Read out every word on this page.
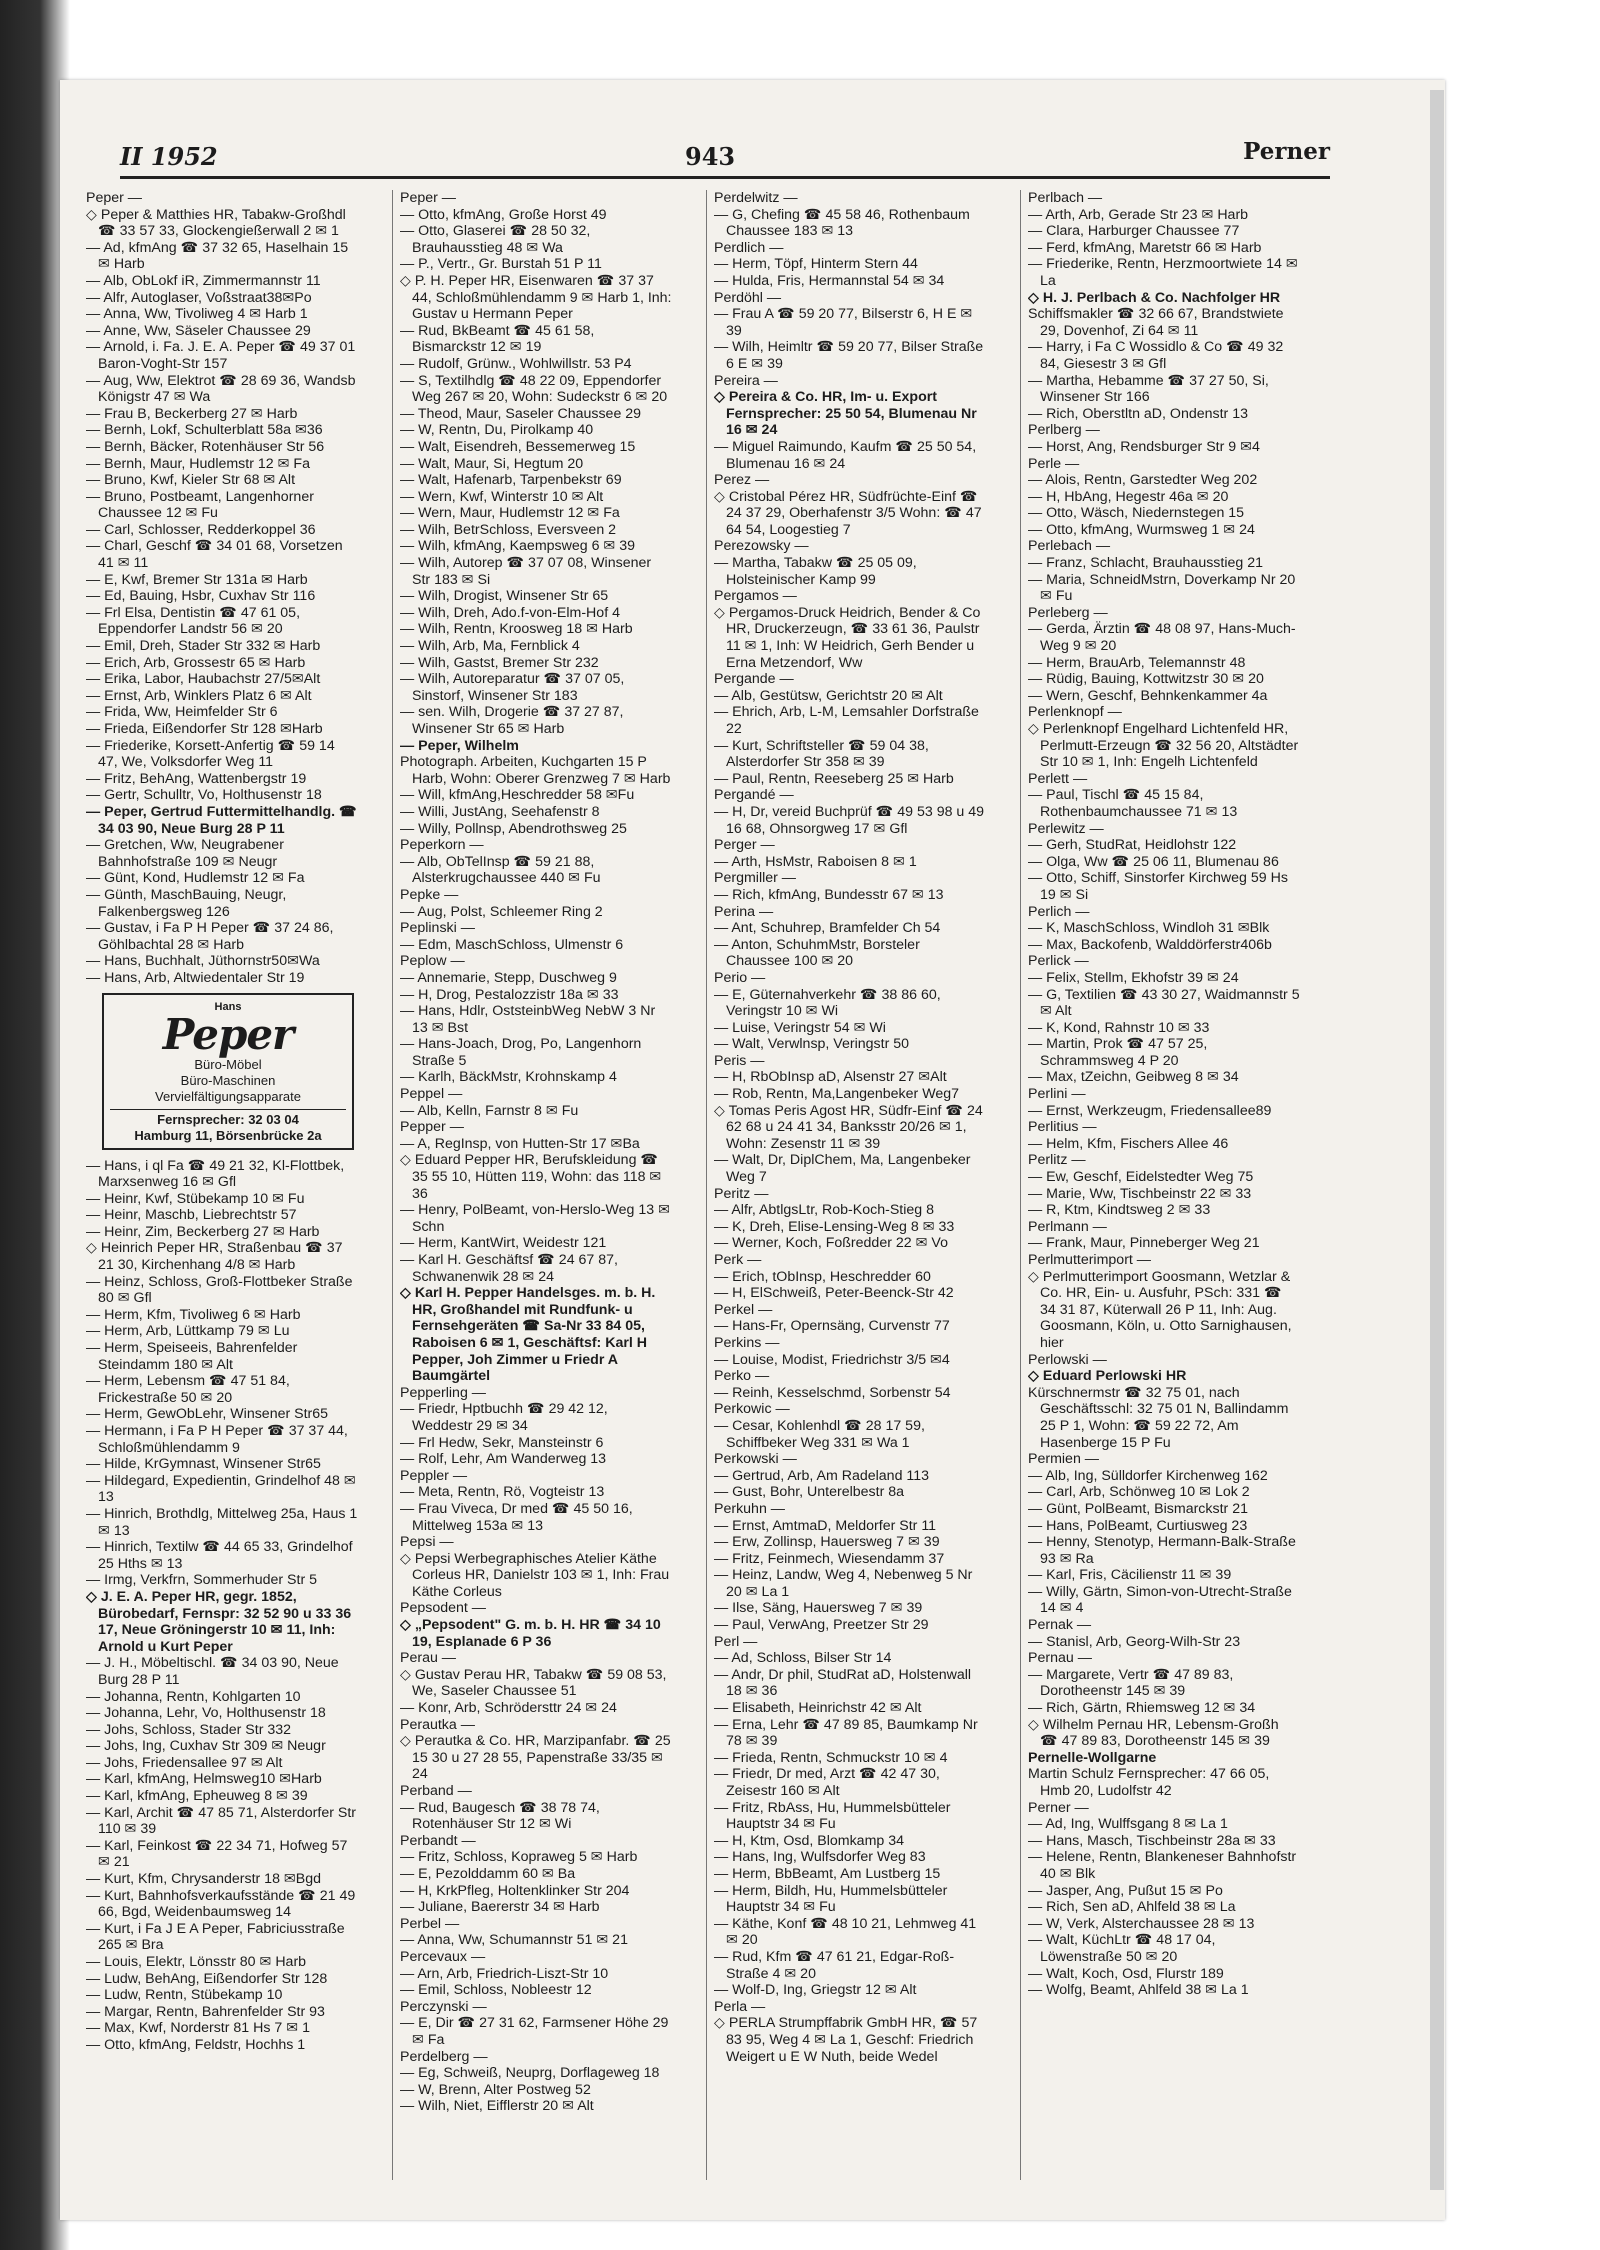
II 1952	943	Perner

Peper —

◇ Peper & Matthies HR, Tabakw-Großhdl ☎ 33 57 33, Glockengießerwall 2 ✉ 1

— Ad, kfmAng ☎ 37 32 65, Haselhain 15 ✉ Harb

— Alb, ObLokf iR, Zimmermannstr 11

— Alfr, Autoglaser, Voßstraat38✉Po

— Anna, Ww, Tivoliweg 4 ✉ Harb 1

— Anne, Ww, Säseler Chaussee 29

— Arnold, i. Fa. J. E. A. Peper ☎ 49 37 01 Baron-Voght-Str 157

— Aug, Ww, Elektrot ☎ 28 69 36, Wandsb Königstr 47 ✉ Wa

— Frau B, Beckerberg 27 ✉ Harb

— Bernh, Lokf, Schulterblatt 58a ✉36

— Bernh, Bäcker, Rotenhäuser Str 56

— Bernh, Maur, Hudlemstr 12 ✉ Fa

— Bruno, Kwf, Kieler Str 68 ✉ Alt

— Bruno, Postbeamt, Langenhorner Chaussee 12 ✉ Fu

— Carl, Schlosser, Redderkoppel 36

— Charl, Geschf ☎ 34 01 68, Vorsetzen 41 ✉ 11

— E, Kwf, Bremer Str 131a ✉ Harb

— Ed, Bauing, Hsbr, Cuxhav Str 116

— Frl Elsa, Dentistin ☎ 47 61 05, Eppendorfer Landstr 56 ✉ 20

— Emil, Dreh, Stader Str 332 ✉ Harb

— Erich, Arb, Grossestr 65 ✉ Harb

— Erika, Labor, Haubachstr 27/5✉Alt

— Ernst, Arb, Winklers Platz 6 ✉ Alt

— Frida, Ww, Heimfelder Str 6

— Frieda, Eißendorfer Str 128 ✉Harb

— Friederike, Korsett-Anfertig ☎ 59 14 47, We, Volksdorfer Weg 11

— Fritz, BehAng, Wattenbergstr 19

— Gertr, Schulltr, Vo, Holthusenstr 18

— Peper, Gertrud Futtermittelhandlg. ☎ 34 03 90, Neue Burg 28 P 11

— Gretchen, Ww, Neugrabener Bahnhofstraße 109 ✉ Neugr

— Günt, Kond, Hudlemstr 12 ✉ Fa

— Günth, MaschBauing, Neugr, Falkenbergsweg 126

— Gustav, i Fa P H Peper ☎ 37 24 86, Göhlbachtal 28 ✉ Harb

— Hans, Buchhalt, Jüthornstr50✉Wa

— Hans, Arb, Altwiedentaler Str 19

Hans
Peper
Büro-Möbel
Büro-Maschinen
Vervielfältigungsapparate
Fernsprecher: 32 03 04
Hamburg 11, Börsenbrücke 2a

— Hans, i ql Fa ☎ 49 21 32, Kl-Flottbek, Marxsenweg 16 ✉ Gfl

— Heinr, Kwf, Stübekamp 10 ✉ Fu

— Heinr, Maschb, Liebrechtstr 57

— Heinr, Zim, Beckerberg 27 ✉ Harb

◇ Heinrich Peper HR, Straßenbau ☎ 37 21 30, Kirchenhang 4/8 ✉ Harb

— Heinz, Schloss, Groß-Flottbeker Straße 80 ✉ Gfl

— Herm, Kfm, Tivoliweg 6 ✉ Harb

— Herm, Arb, Lüttkamp 79 ✉ Lu

— Herm, Speiseeis, Bahrenfelder Steindamm 180 ✉ Alt

— Herm, Lebensm ☎ 47 51 84, Frickestraße 50 ✉ 20

— Herm, GewObLehr, Winsener Str65

— Hermann, i Fa P H Peper ☎ 37 37 44, Schloßmühlendamm 9

— Hilde, KrGymnast, Winsener Str65

— Hildegard, Expedientin, Grindelhof 48 ✉ 13

— Hinrich, Brothdlg, Mittelweg 25a, Haus 1 ✉ 13

— Hinrich, Textilw ☎ 44 65 33, Grindelhof 25 Hths ✉ 13

— Irmg, Verkfrn, Sommerhuder Str 5

◇ J. E. A. Peper HR, gegr. 1852, Bürobedarf, Fernspr: 32 52 90 u 33 36 17, Neue Gröningerstr 10 ✉ 11, Inh: Arnold u Kurt Peper

— J. H., Möbeltischl. ☎ 34 03 90, Neue Burg 28 P 11

— Johanna, Rentn, Kohlgarten 10

— Johanna, Lehr, Vo, Holthusenstr 18

— Johs, Schloss, Stader Str 332

— Johs, Ing, Cuxhav Str 309 ✉ Neugr

— Johs, Friedensallee 97 ✉ Alt

— Karl, kfmAng, Helmsweg10 ✉Harb

— Karl, kfmAng, Epheuweg 8 ✉ 39

— Karl, Archit ☎ 47 85 71, Alsterdorfer Str 110 ✉ 39

— Karl, Feinkost ☎ 22 34 71, Hofweg 57 ✉ 21

— Kurt, Kfm, Chrysanderstr 18 ✉Bgd

— Kurt, Bahnhofsverkaufsstände ☎ 21 49 66, Bgd, Weidenbaumsweg 14

— Kurt, i Fa J E A Peper, Fabriciusstraße 265 ✉ Bra

— Louis, Elektr, Lönsstr 80 ✉ Harb

— Ludw, BehAng, Eißendorfer Str 128

— Ludw, Rentn, Stübekamp 10

— Margar, Rentn, Bahrenfelder Str 93

— Max, Kwf, Norderstr 81 Hs 7 ✉ 1

— Otto, kfmAng, Feldstr, Hochhs 1

Peper —

— Otto, kfmAng, Große Horst 49

— Otto, Glaserei ☎ 28 50 32, Brauhausstieg 48 ✉ Wa

— P., Vertr., Gr. Burstah 51 P 11

◇ P. H. Peper HR, Eisenwaren ☎ 37 37 44, Schloßmühlendamm 9 ✉ Harb 1, Inh: Gustav u Hermann Peper

— Rud, BkBeamt ☎ 45 61 58, Bismarckstr 12 ✉ 19

— Rudolf, Grünw., Wohlwillstr. 53 P4

— S, Textilhdlg ☎ 48 22 09, Eppendorfer Weg 267 ✉ 20, Wohn: Sudeckstr 6 ✉ 20

— Theod, Maur, Saseler Chaussee 29

— W, Rentn, Du, Pirolkamp 40

— Walt, Eisendreh, Bessemerweg 15

— Walt, Maur, Si, Hegtum 20

— Walt, Hafenarb, Tarpenbekstr 69

— Wern, Kwf, Winterstr 10 ✉ Alt

— Wern, Maur, Hudlemstr 12 ✉ Fa

— Wilh, BetrSchloss, Eversveen 2

— Wilh, kfmAng, Kaempsweg 6 ✉ 39

— Wilh, Autorep ☎ 37 07 08, Winsener Str 183 ✉ Si

— Wilh, Drogist, Winsener Str 65

— Wilh, Dreh, Ado.f-von-Elm-Hof 4

— Wilh, Rentn, Kroosweg 18 ✉ Harb

— Wilh, Arb, Ma, Fernblick 4

— Wilh, Gastst, Bremer Str 232

— Wilh, Autoreparatur ☎ 37 07 05, Sinstorf, Winsener Str 183

— sen. Wilh, Drogerie ☎ 37 27 87, Winsener Str 65 ✉ Harb

— Peper, Wilhelm

Photograph. Arbeiten, Kuchgarten 15 P Harb, Wohn: Oberer Grenzweg 7 ✉ Harb

— Will, kfmAng,Heschredder 58 ✉Fu

— Willi, JustAng, Seehafenstr 8

— Willy, Pollnsp, Abendrothsweg 25

Peperkorn —

— Alb, ObTelInsp ☎ 59 21 88, Alsterkrugchaussee 440 ✉ Fu

Pepke —

— Aug, Polst, Schleemer Ring 2

Peplinski —

— Edm, MaschSchloss, Ulmenstr 6

Peplow —

— Annemarie, Stepp, Duschweg 9

— H, Drog, Pestalozzistr 18a ✉ 33

— Hans, Hdlr, OststeinbWeg NebW 3 Nr 13 ✉ Bst

— Hans-Joach, Drog, Po, Langenhorn Straße 5

— Karlh, BäckMstr, Krohnskamp 4

Peppel —

— Alb, Kelln, Farnstr 8 ✉ Fu

Pepper —

— A, RegInsp, von Hutten-Str 17 ✉Ba

◇ Eduard Pepper HR, Berufskleidung ☎ 35 55 10, Hütten 119, Wohn: das 118 ✉ 36

— Henry, PolBeamt, von-Herslo-Weg 13 ✉ Schn

— Herm, KantWirt, Weidestr 121

— Karl H. Geschäftsf ☎ 24 67 87, Schwanenwik 28 ✉ 24

◇ Karl H. Pepper Handelsges. m. b. H. HR, Großhandel mit Rundfunk- u Fernsehgeräten ☎ Sa-Nr 33 84 05, Raboisen 6 ✉ 1, Geschäftsf: Karl H Pepper, Joh Zimmer u Friedr A Baumgärtel

Pepperling —

— Friedr, Hptbuchh ☎ 29 42 12, Weddestr 29 ✉ 34

— Frl Hedw, Sekr, Mansteinstr 6

— Rolf, Lehr, Am Wanderweg 13

Peppler —

— Meta, Rentn, Rö, Vogteistr 13

— Frau Viveca, Dr med ☎ 45 50 16, Mittelweg 153a ✉ 13

Pepsi —

◇ Pepsi Werbegraphisches Atelier Käthe Corleus HR, Danielstr 103 ✉ 1, Inh: Frau Käthe Corleus

Pepsodent —

◇ „Pepsodent" G. m. b. H. HR ☎ 34 10 19, Esplanade 6 P 36

Perau —

◇ Gustav Perau HR, Tabakw ☎ 59 08 53, We, Saseler Chaussee 51

— Konr, Arb, Schrödersttr 24 ✉ 24

Perautka —

◇ Perautka & Co. HR, Marzipanfabr. ☎ 25 15 30 u 27 28 55, Papenstraße 33/35 ✉ 24

Perband —

— Rud, Baugesch ☎ 38 78 74, Rotenhäuser Str 12 ✉ Wi

Perbandt —

— Fritz, Schloss, Kopraweg 5 ✉ Harb

— E, Pezolddamm 60 ✉ Ba

— H, KrkPfleg, Holtenklinker Str 204

— Juliane, Baererstr 34 ✉ Harb

Perbel —

— Anna, Ww, Schumannstr 51 ✉ 21

Percevaux —

— Arn, Arb, Friedrich-Liszt-Str 10

— Emil, Schloss, Nobleestr 12

Perczynski —

— E, Dir ☎ 27 31 62, Farmsener Höhe 29 ✉ Fa

Perdelberg —

— Eg, Schweiß, Neuprg, Dorflageweg 18

— W, Brenn, Alter Postweg 52

— Wilh, Niet, Eifflerstr 20 ✉ Alt

Perdelwitz —

— G, Chefing ☎ 45 58 46, Rothenbaum Chaussee 183 ✉ 13

Perdlich —

— Herm, Töpf, Hinterm Stern 44

— Hulda, Fris, Hermannstal 54 ✉ 34

Perdöhl —

— Frau A ☎ 59 20 77, Bilserstr 6, H E ✉ 39

— Wilh, Heimltr ☎ 59 20 77, Bilser Straße 6 E ✉ 39

Pereira —

◇ Pereira & Co. HR, Im- u. Export Fernsprecher: 25 50 54, Blumenau Nr 16 ✉ 24

— Miguel Raimundo, Kaufm ☎ 25 50 54, Blumenau 16 ✉ 24

Perez —

◇ Cristobal Pérez HR, Südfrüchte-Einf ☎ 24 37 29, Oberhafenstr 3/5 Wohn: ☎ 47 64 54, Loogestieg 7

Perezowsky —

— Martha, Tabakw ☎ 25 05 09, Holsteinischer Kamp 99

Pergamos —

◇ Pergamos-Druck Heidrich, Bender & Co HR, Druckerzeugn, ☎ 33 61 36, Paulstr 11 ✉ 1, Inh: W Heidrich, Gerh Bender u Erna Metzendorf, Ww

Pergande —

— Alb, Gestütsw, Gerichtstr 20 ✉ Alt

— Ehrich, Arb, L-M, Lemsahler Dorfstraße 22

— Kurt, Schriftsteller ☎ 59 04 38, Alsterdorfer Str 358 ✉ 39

— Paul, Rentn, Reeseberg 25 ✉ Harb

Pergandé —

— H, Dr, vereid Buchprüf ☎ 49 53 98 u 49 16 68, Ohnsorgweg 17 ✉ Gfl

Perger —

— Arth, HsMstr, Raboisen 8 ✉ 1

Pergmiller —

— Rich, kfmAng, Bundesstr 67 ✉ 13

Perina —

— Ant, Schuhrep, Bramfelder Ch 54

— Anton, SchuhmMstr, Borsteler Chaussee 100 ✉ 20

Perio —

— E, Güternahverkehr ☎ 38 86 60, Veringstr 10 ✉ Wi

— Luise, Veringstr 54 ✉ Wi

— Walt, Verwlnsp, Veringstr 50

Peris —

— H, RbObInsp aD, Alsenstr 27 ✉Alt

— Rob, Rentn, Ma,Langenbeker Weg7

◇ Tomas Peris Agost HR, Südfr-Einf ☎ 24 62 68 u 24 41 34, Banksstr 20/26 ✉ 1, Wohn: Zesenstr 11 ✉ 39

— Walt, Dr, DiplChem, Ma, Langenbeker Weg 7

Peritz —

— Alfr, AbtlgsLtr, Rob-Koch-Stieg 8

— K, Dreh, Elise-Lensing-Weg 8 ✉ 33

— Werner, Koch, Foßredder 22 ✉ Vo

Perk —

— Erich, tObInsp, Heschredder 60

— H, ElSchweiß, Peter-Beenck-Str 42

Perkel —

— Hans-Fr, Opernsäng, Curvenstr 77

Perkins —

— Louise, Modist, Friedrichstr 3/5 ✉4

Perko —

— Reinh, Kesselschmd, Sorbenstr 54

Perkowic —

— Cesar, Kohlenhdl ☎ 28 17 59, Schiffbeker Weg 331 ✉ Wa 1

Perkowski —

— Gertrud, Arb, Am Radeland 113

— Gust, Bohr, Unterelbestr 8a

Perkuhn —

— Ernst, AmtmaD, Meldorfer Str 11

— Erw, Zollinsp, Hauersweg 7 ✉ 39

— Fritz, Feinmech, Wiesendamm 37

— Heinz, Landw, Weg 4, Nebenweg 5 Nr 20 ✉ La 1

— Ilse, Säng, Hauersweg 7 ✉ 39

— Paul, VerwAng, Preetzer Str 29

Perl —

— Ad, Schloss, Bilser Str 14

— Andr, Dr phil, StudRat aD, Holstenwall 18 ✉ 36

— Elisabeth, Heinrichstr 42 ✉ Alt

— Erna, Lehr ☎ 47 89 85, Baumkamp Nr 78 ✉ 39

— Frieda, Rentn, Schmuckstr 10 ✉ 4

— Friedr, Dr med, Arzt ☎ 42 47 30, Zeisestr 160 ✉ Alt

— Fritz, RbAss, Hu, Hummelsbütteler Hauptstr 34 ✉ Fu

— H, Ktm, Osd, Blomkamp 34

— Hans, Ing, Wulfsdorfer Weg 83

— Herm, BbBeamt, Am Lustberg 15

— Herm, Bildh, Hu, Hummelsbütteler Hauptstr 34 ✉ Fu

— Käthe, Konf ☎ 48 10 21, Lehmweg 41 ✉ 20

— Rud, Kfm ☎ 47 61 21, Edgar-Roß-Straße 4 ✉ 20

— Wolf-D, Ing, Griegstr 12 ✉ Alt

Perla —

◇ PERLA Strumpffabrik GmbH HR, ☎ 57 83 95, Weg 4 ✉ La 1, Geschf: Friedrich Weigert u E W Nuth, beide Wedel

Perlbach —

— Arth, Arb, Gerade Str 23 ✉ Harb

— Clara, Harburger Chaussee 77

— Ferd, kfmAng, Maretstr 66 ✉ Harb

— Friederike, Rentn, Herzmoortwiete 14 ✉ La

◇ H. J. Perlbach & Co. Nachfolger HR

Schiffsmakler ☎ 32 66 67, Brandstwiete 29, Dovenhof, Zi 64 ✉ 11

— Harry, i Fa C Wossidlo & Co ☎ 49 32 84, Giesestr 3 ✉ Gfl

— Martha, Hebamme ☎ 37 27 50, Si, Winsener Str 166

— Rich, Oberstltn aD, Ondenstr 13

Perlberg —

— Horst, Ang, Rendsburger Str 9 ✉4

Perle —

— Alois, Rentn, Garstedter Weg 202

— H, HbAng, Hegestr 46a ✉ 20

— Otto, Wäsch, Niedernstegen 15

— Otto, kfmAng, Wurmsweg 1 ✉ 24

Perlebach —

— Franz, Schlacht, Brauhausstieg 21

— Maria, SchneidMstrn, Doverkamp Nr 20 ✉ Fu

Perleberg —

— Gerda, Ärztin ☎ 48 08 97, Hans-Much-Weg 9 ✉ 20

— Herm, BrauArb, Telemannstr 48

— Rüdig, Bauing, Kottwitzstr 30 ✉ 20

— Wern, Geschf, Behnkenkammer 4a

Perlenknopf —

◇ Perlenknopf Engelhard Lichtenfeld HR, Perlmutt-Erzeugn ☎ 32 56 20, Altstädter Str 10 ✉ 1, Inh: Engelh Lichtenfeld

Perlett —

— Paul, Tischl ☎ 45 15 84, Rothenbaumchaussee 71 ✉ 13

Perlewitz —

— Gerh, StudRat, Heidlohstr 122

— Olga, Ww ☎ 25 06 11, Blumenau 86

— Otto, Schiff, Sinstorfer Kirchweg 59 Hs 19 ✉ Si

Perlich —

— K, MaschSchloss, Windloh 31 ✉Blk

— Max, Backofenb, Walddörferstr406b

Perlick —

— Felix, Stellm, Ekhofstr 39 ✉ 24

— G, Textilien ☎ 43 30 27, Waidmannstr 5 ✉ Alt

— K, Kond, Rahnstr 10 ✉ 33

— Martin, Prok ☎ 47 57 25, Schrammsweg 4 P 20

— Max, tZeichn, Geibweg 8 ✉ 34

Perlini —

— Ernst, Werkzeugm, Friedensallee89

Perlitius —

— Helm, Kfm, Fischers Allee 46

Perlitz —

— Ew, Geschf, Eidelstedter Weg 75

— Marie, Ww, Tischbeinstr 22 ✉ 33

— R, Ktm, Kindtsweg 2 ✉ 33

Perlmann —

— Frank, Maur, Pinneberger Weg 21

Perlmutterimport —

◇ Perlmutterimport Goosmann, Wetzlar & Co. HR, Ein- u. Ausfuhr, PSch: 331 ☎ 34 31 87, Küterwall 26 P 11, Inh: Aug. Goosmann, Köln, u. Otto Sarnighausen, hier

Perlowski —

◇ Eduard Perlowski HR

Kürschnermstr ☎ 32 75 01, nach Geschäftsschl: 32 75 01 N, Ballindamm 25 P 1, Wohn: ☎ 59 22 72, Am Hasenberge 15 P Fu

Permien —

— Alb, Ing, Sülldorfer Kirchenweg 162

— Carl, Arb, Schönweg 10 ✉ Lok 2

— Günt, PolBeamt, Bismarckstr 21

— Hans, PolBeamt, Curtiusweg 23

— Henny, Stenotyp, Hermann-Balk-Straße 93 ✉ Ra

— Karl, Fris, Cäcilienstr 11 ✉ 39

— Willy, Gärtn, Simon-von-Utrecht-Straße 14 ✉ 4

Pernak —

— Stanisl, Arb, Georg-Wilh-Str 23

Pernau —

— Margarete, Vertr ☎ 47 89 83, Dorotheenstr 145 ✉ 39

— Rich, Gärtn, Rhiemsweg 12 ✉ 34

◇ Wilhelm Pernau HR, Lebensm-Großh ☎ 47 89 83, Dorotheenstr 145 ✉ 39

Pernelle-Wollgarne

Martin Schulz Fernsprecher: 47 66 05, Hmb 20, Ludolfstr 42

Perner —

— Ad, Ing, Wulffsgang 8 ✉ La 1

— Hans, Masch, Tischbeinstr 28a ✉ 33

— Helene, Rentn, Blankeneser Bahnhofstr 40 ✉ Blk

— Jasper, Ang, Pußut 15 ✉ Po

— Rich, Sen aD, Ahlfeld 38 ✉ La

— W, Verk, Alsterchaussee 28 ✉ 13

— Walt, KüchLtr ☎ 48 17 04, Löwenstraße 50 ✉ 20

— Walt, Koch, Osd, Flurstr 189

— Wolfg, Beamt, Ahlfeld 38 ✉ La 1
